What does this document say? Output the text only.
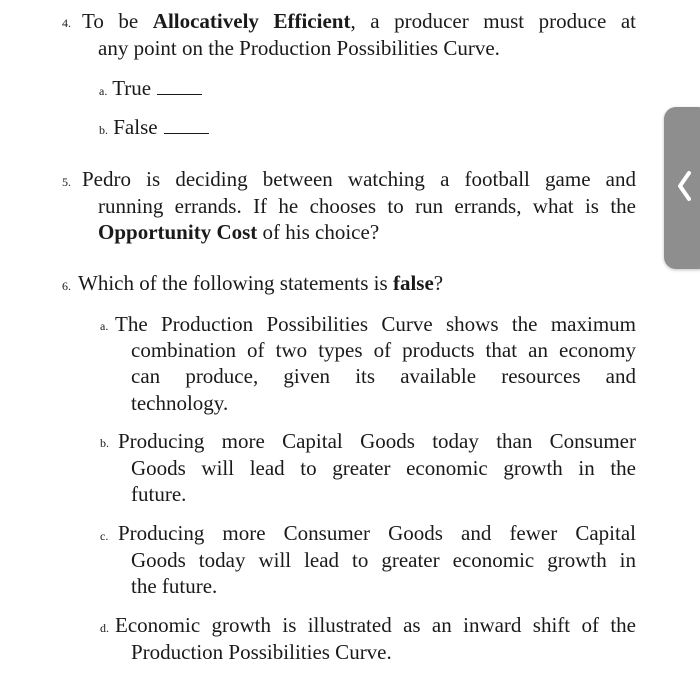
4. To be Allocatively Efficient, a producer must produce at
any point on the Production Possibilities Curve.
a. True
b. False
5. Pedro is deciding between watching a football game and
running errands. If he chooses to run errands, what is the
Opportunity Cost of his choice?
6. Which of the following statements is false?
a. The Production Possibilities Curve shows the maximum
combination of two types of products that an economy
can produce, given its available resources and
technology.
b. Producing more Capital Goods today than Consumer
Goods will lead to greater economic growth in the
future.
c. Producing more Consumer Goods and fewer Capital
Goods today will lead to greater economic growth in
the future.
d. Economic growth is illustrated as an inward shift of the
Production Possibilities Curve.
